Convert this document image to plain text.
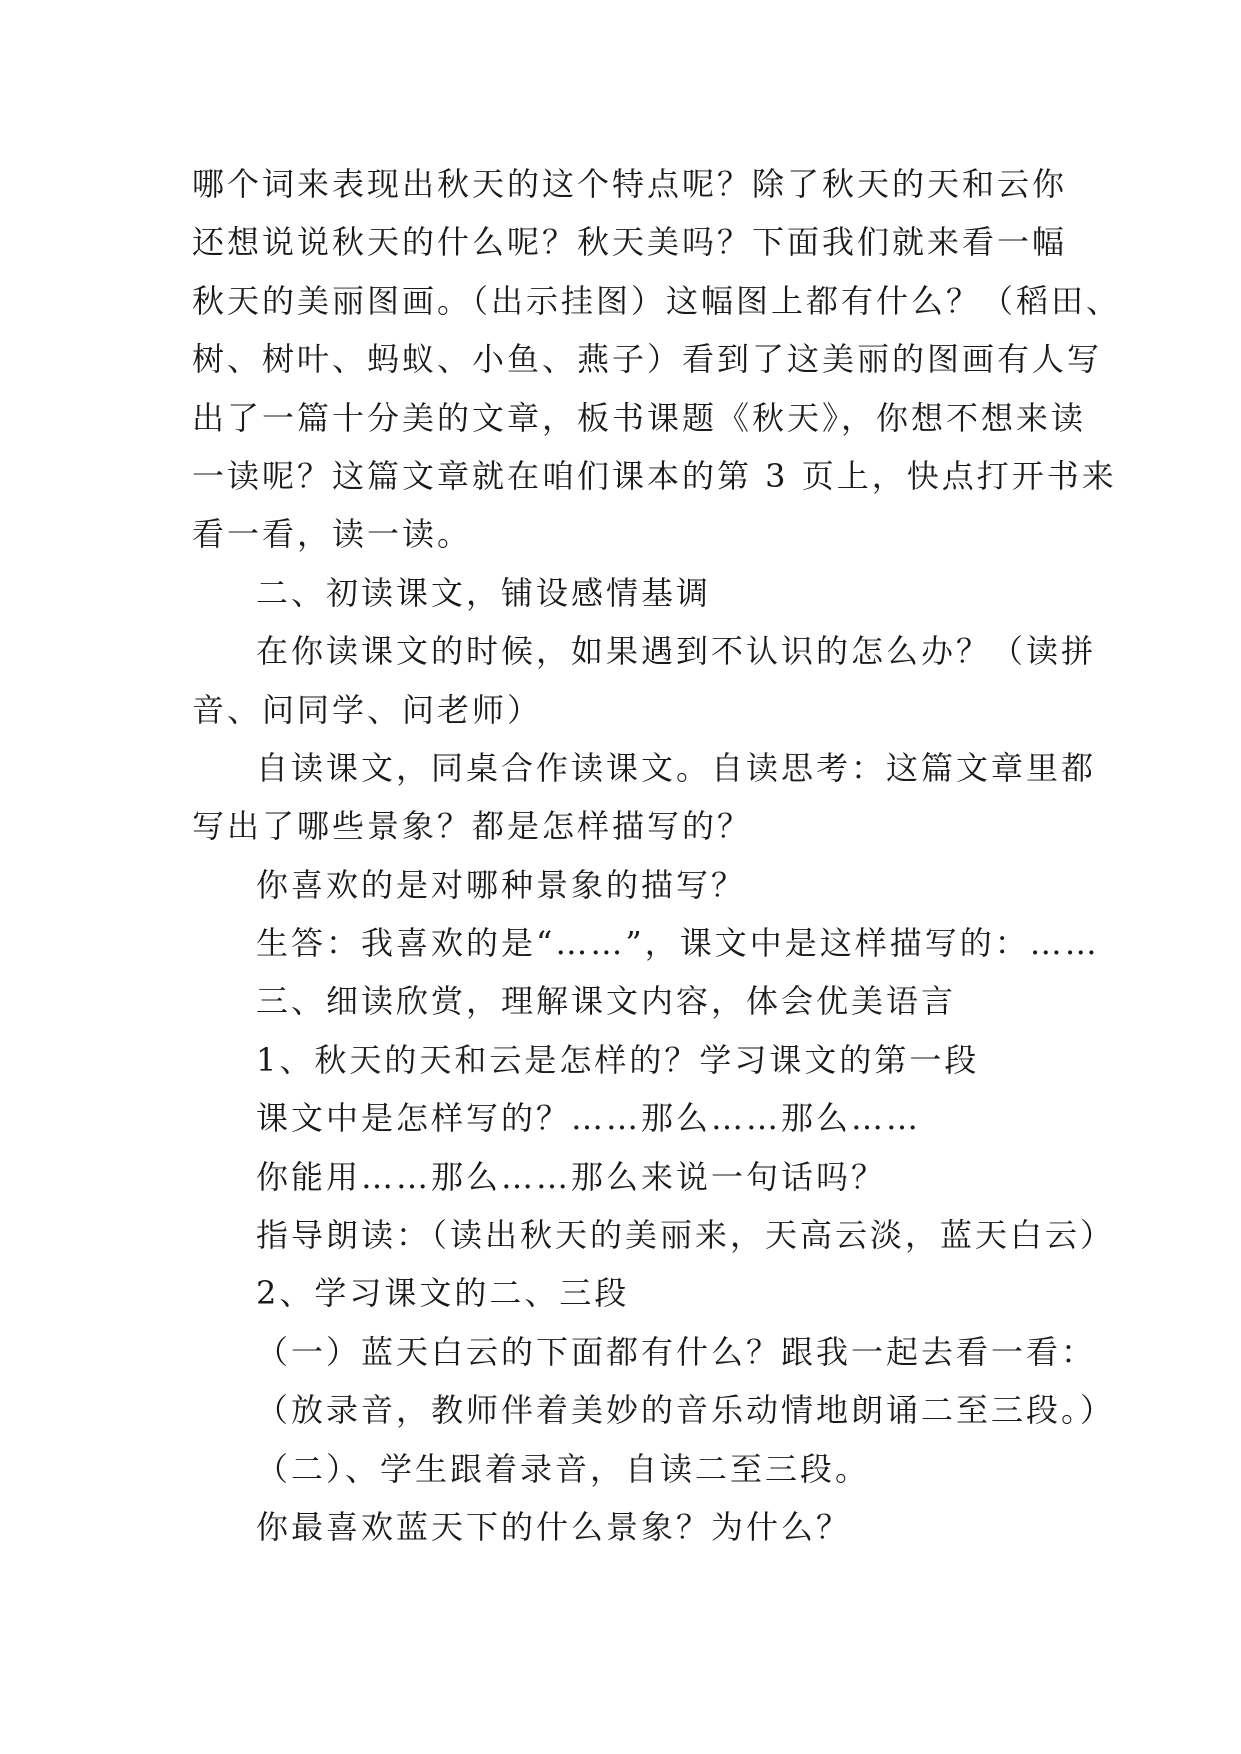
哪个词来表现出秋天的这个特点呢？除了秋天的天和云你
还想说说秋天的什么呢？秋天美吗？下面我们就来看一幅
秋天的美丽图画。（出示挂图）这幅图上都有什么？（稻田、
树、树叶、蚂蚁、小鱼、燕子）看到了这美丽的图画有人写
出了一篇十分美的文章，板书课题《秋天》，你想不想来读
一读呢？这篇文章就在咱们课本的第 3 页上，快点打开书来
看一看，读一读。
二、初读课文，铺设感情基调
在你读课文的时候，如果遇到不认识的怎么办？（读拼
音、问同学、问老师）
自读课文，同桌合作读课文。自读思考：这篇文章里都
写出了哪些景象？都是怎样描写的？
你喜欢的是对哪种景象的描写？
生答：我喜欢的是“……”，课文中是这样描写的：……
三、细读欣赏，理解课文内容，体会优美语言
1、秋天的天和云是怎样的？学习课文的第一段
课文中是怎样写的？……那么……那么……
你能用……那么……那么来说一句话吗？
指导朗读：（读出秋天的美丽来，天高云淡，蓝天白云）
2、学习课文的二、三段
（一）蓝天白云的下面都有什么？跟我一起去看一看：
（放录音，教师伴着美妙的音乐动情地朗诵二至三段。）
（二）、学生跟着录音，自读二至三段。
你最喜欢蓝天下的什么景象？为什么？
